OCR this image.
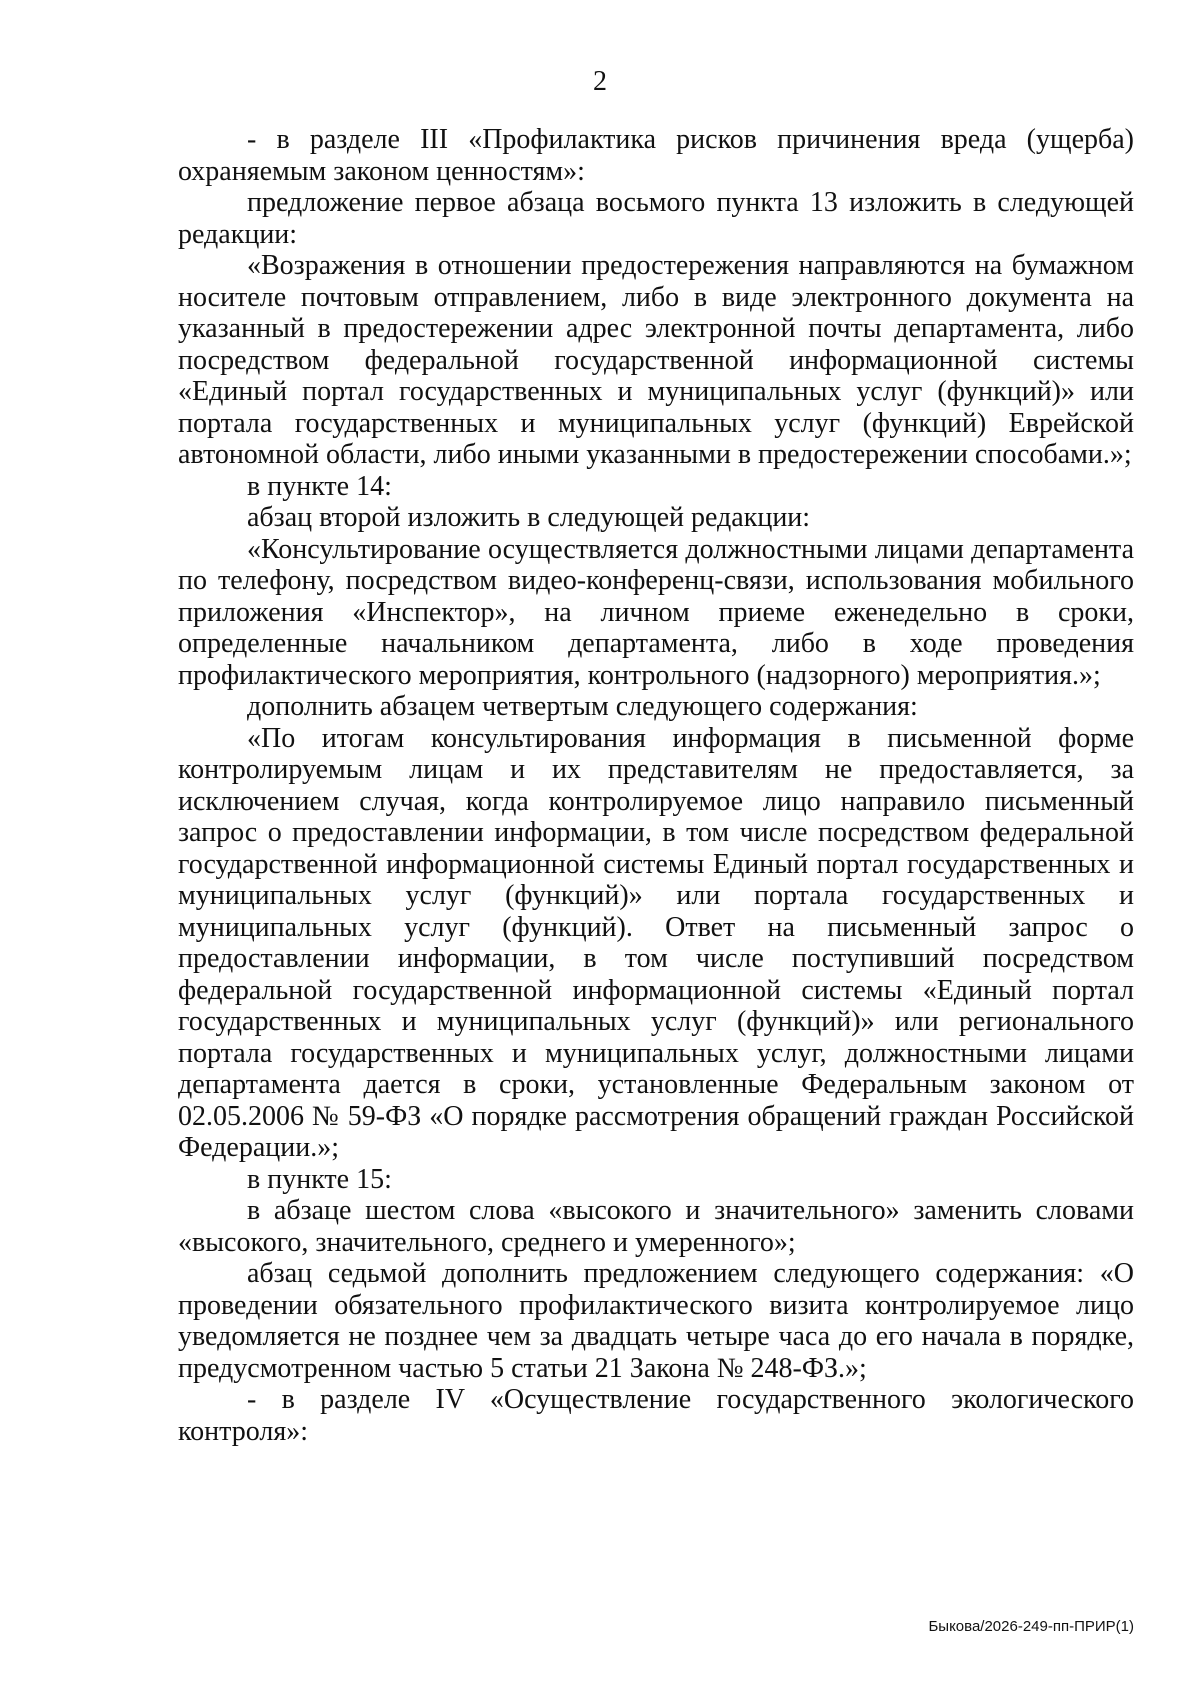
2

- в разделе III «Профилактика рисков причинения вреда (ущерба) охраняемым законом ценностям»:

предложение первое абзаца восьмого пункта 13 изложить в следующей редакции:

«Возражения в отношении предостережения направляются на бумажном носителе почтовым отправлением, либо в виде электронного документа на указанный в предостережении адрес электронной почты департамента, либо посредством федеральной государственной информационной системы «Единый портал государственных и муниципальных услуг (функций)» или портала государственных и муниципальных услуг (функций) Еврейской автономной области, либо иными указанными в предостережении способами.»;

в пункте 14:

абзац второй изложить в следующей редакции:

«Консультирование осуществляется должностными лицами департамента по телефону, посредством видео-конференц-связи, использования мобильного приложения «Инспектор», на личном приеме еженедельно в сроки, определенные начальником департамента, либо в ходе проведения профилактического мероприятия, контрольного (надзорного) мероприятия.»;

дополнить абзацем четвертым следующего содержания:

«По итогам консультирования информация в письменной форме контролируемым лицам и их представителям не предоставляется, за исключением случая, когда контролируемое лицо направило письменный запрос о предоставлении информации, в том числе посредством федеральной государственной информационной системы Единый портал государственных и муниципальных услуг (функций)» или портала государственных и муниципальных услуг (функций). Ответ на письменный запрос о предоставлении информации, в том числе поступивший посредством федеральной государственной информационной системы «Единый портал государственных и муниципальных услуг (функций)» или регионального портала государственных и муниципальных услуг, должностными лицами департамента дается в сроки, установленные Федеральным законом от 02.05.2006 № 59-ФЗ «О порядке рассмотрения обращений граждан Российской Федерации.»;

в пункте 15:

в абзаце шестом слова «высокого и значительного» заменить словами «высокого, значительного, среднего и умеренного»;

абзац седьмой дополнить предложением следующего содержания: «О проведении обязательного профилактического визита контролируемое лицо уведомляется не позднее чем за двадцать четыре часа до его начала в порядке, предусмотренном частью 5 статьи 21 Закона № 248-ФЗ.»;

- в разделе IV «Осуществление государственного экологического контроля»:

Быкова/2026-249-пп-ПРИР(1)
